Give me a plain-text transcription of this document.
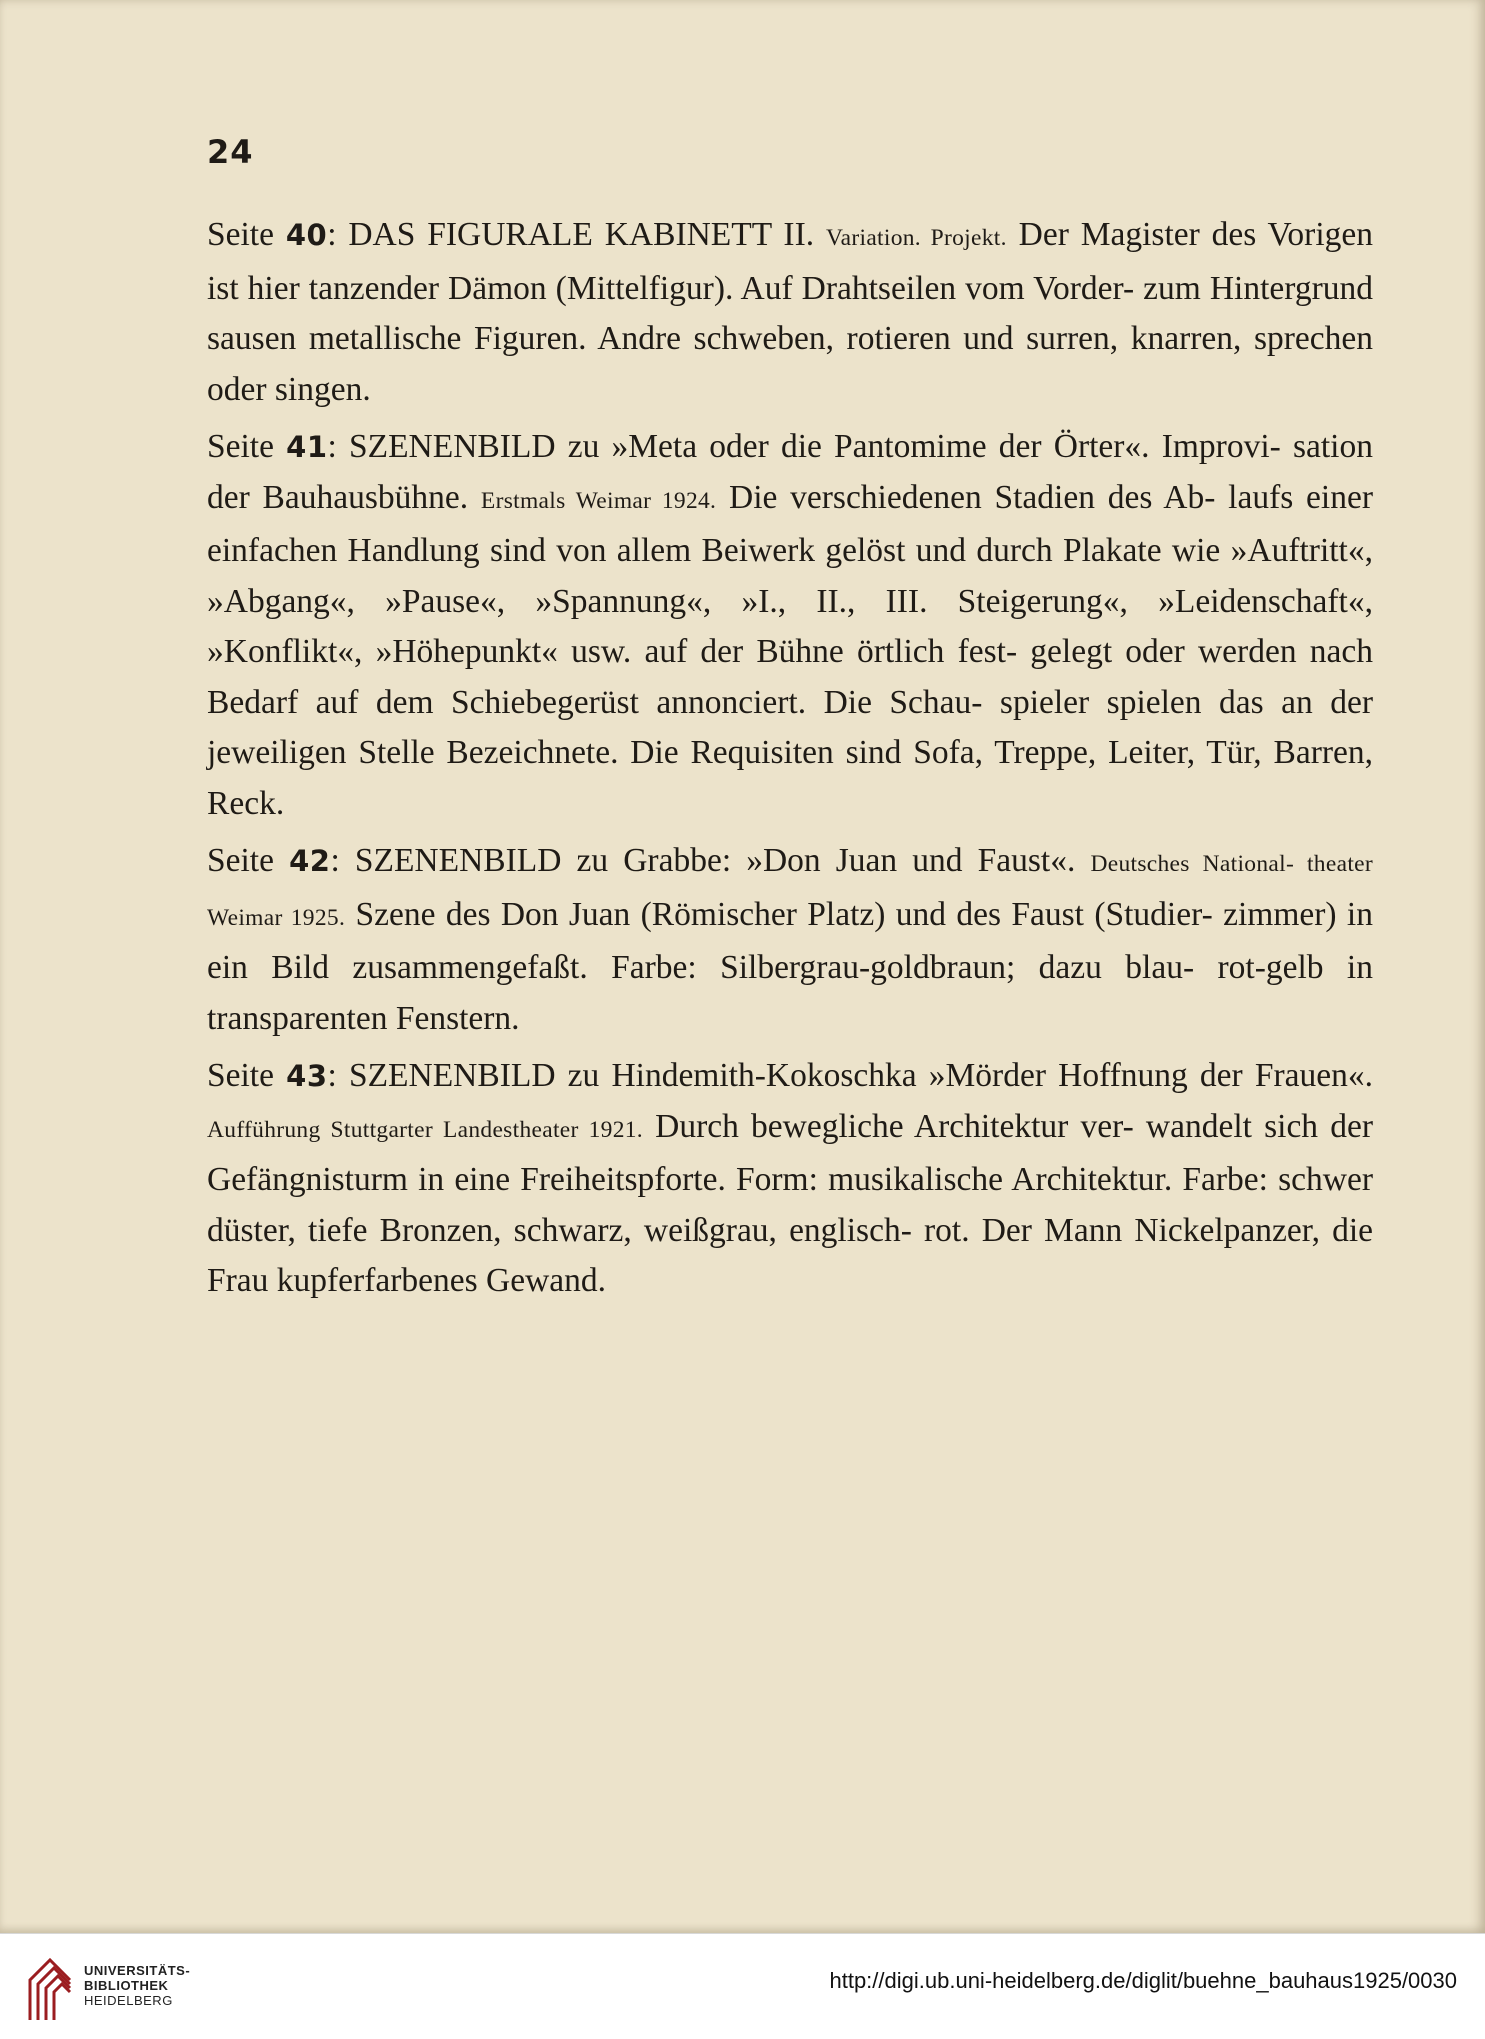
24

Seite 40: DAS FIGURALE KABINETT II. Variation. Projekt. Der Magister des Vorigen ist hier tanzender Dämon (Mittelfigur). Auf Drahtseilen vom Vorder- zum Hintergrund sausen metallische Figuren. Andre schweben, rotieren und surren, knarren, sprechen oder singen.

Seite 41: SZENENBILD zu »Meta oder die Pantomime der Örter«. Improvi- sation der Bauhausbühne. Erstmals Weimar 1924. Die verschiedenen Stadien des Ab- laufs einer einfachen Handlung sind von allem Beiwerk gelöst und durch Plakate wie »Auftritt«, »Abgang«, »Pause«, »Spannung«, »I., II., III. Steigerung«, »Leidenschaft«, »Konflikt«, »Höhepunkt« usw. auf der Bühne örtlich fest- gelegt oder werden nach Bedarf auf dem Schiebegerüst annonciert. Die Schau- spieler spielen das an der jeweiligen Stelle Bezeichnete. Die Requisiten sind Sofa, Treppe, Leiter, Tür, Barren, Reck.

Seite 42: SZENENBILD zu Grabbe: »Don Juan und Faust«. Deutsches National- theater Weimar 1925. Szene des Don Juan (Römischer Platz) und des Faust (Studier- zimmer) in ein Bild zusammengefaßt. Farbe: Silbergrau-goldbraun; dazu blau- rot-gelb in transparenten Fenstern.

Seite 43: SZENENBILD zu Hindemith-Kokoschka »Mörder Hoffnung der Frauen«. Aufführung Stuttgarter Landestheater 1921. Durch bewegliche Architektur ver- wandelt sich der Gefängnisturm in eine Freiheitspforte. Form: musikalische Architektur. Farbe: schwer düster, tiefe Bronzen, schwarz, weißgrau, englisch- rot. Der Mann Nickelpanzer, die Frau kupferfarbenes Gewand.

UNIVERSITÄTS-
BIBLIOTHEK
HEIDELBERG
http://digi.ub.uni-heidelberg.de/diglit/buehne_bauhaus1925/0030
